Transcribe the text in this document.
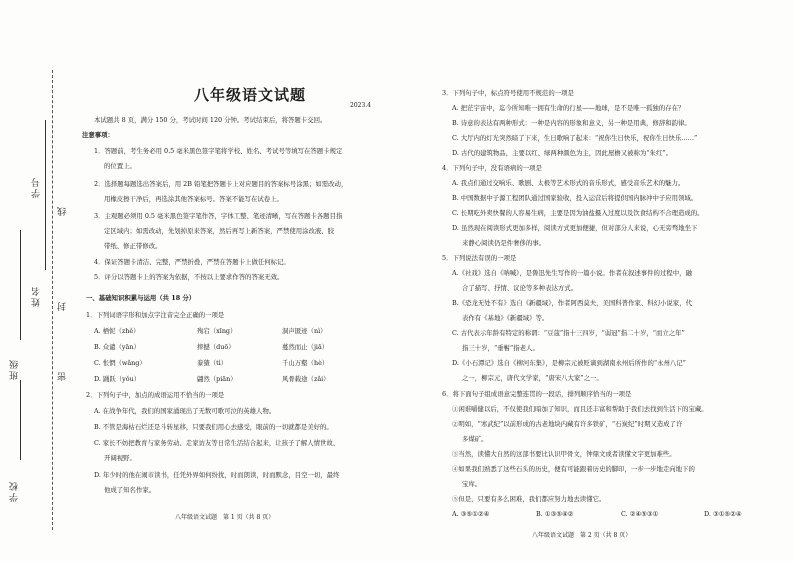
学校
班级
姓名
学号
密
封
线
八年级语文试题
2023.4
本试题共 8 页，满分 150 分，考试时间 120 分钟。考试结束后，将答题卡交回。
注意事项：
1．答题前，考生务必用 0.5 毫米黑色签字笔将学校、姓名、考试号等填写在答题卡规定
的位置上。
2．选择题每题选出答案后，用 2B 铅笔把答题卡上对应题目的答案标号涂黑；如需改动，
用橡皮擦干净后，再选涂其他答案标号。答案不能写在试卷上。
3．主观题必须用 0.5 毫米黑色签字笔作答，字体工整、笔迹清晰，写在答题卡各题目指
定区域内；如需改动，先划掉原来答案，然后再写上新答案，严禁使用涂改液、胶
带纸、修正带修改。
4．保证答题卡清洁、完整，严禁折叠，严禁在答题卡上做任何标记。
5．评分以答题卡上的答案为依据，不按以上要求作答的答案无效。
一、基础知识积累与运用（共 18 分）
1．下列词语字形和加点字注音完全正确的一项是
A. 栖怩（zhě）	殉宕（xīng）	洞声匿迹（nì）
B. 众谴（yān）	摔撼（duō）	蔓然而止（jiā）
C. 怅惘（wǎng）	豢猹（tì）	千山万壑（hè）
D. 踊跃（yǒu）	翩然（piān）	风骨载途（zǎi）
2．下列句子中，加点的成语运用不恰当的一项是
A. 在战争年代，我们的国家涌现出了无数可歌可泣的英雄人物。
B. 不管是海枯石烂还是斗转星移，只要我们用心去感受，眼前的一切就都是美好的。
C. 家长不妨把教育与家务劳动、走家访友等日常生活结合起来，让孩子了解人情世故、
开阔视野。
D. 年少时的他在闹市读书，任凭外界如何纷扰，时而朗读，时而默念，目空一切，最终
他成了知名作家。
八年级语文试题　第 1 页（共 8 页）
3．下列句子中，标点符号使用不规范的一项是
A. 把茫宇宙中，迄今所知唯一拥有生命的行星——地球，是不是唯一孤独的存在？
B. 诗意的表达有两种形式：一种是内容的形象和意义，另一种是用典，修辞和韵律。
C. 大厅内的灯光突然暗了下来，生日歌响了起来：“祝你生日快乐，祝你生日快乐……”
D. 古代的建筑物品，主要以红、绿两种颜色为主，因此屋檐又被称为“朱红”。
4．下列句子中，没有语病的一项是
A. 我点们通过交响乐、歌剧、太极等艺术形式的音乐形式，感受音乐艺术的魅力。
B. 中国数据中子源工程团队通过国家验收，投入运营后将提供国内脉冲中子应用领域。
C. 长期吃外卖快餐的人容易生病，主要是因为油盐摄入过度以及饮食结构不合理造成的。
D. 虽然现在阅读形式更加多样，阅读方式更加便捷，但对部分人来说，心无旁骛地坐下
来静心阅读仍是件奢侈的事。
5．下列说法有误的一项是
A.《社戏》选自《呐喊》，是鲁迅先生写作的一篇小说。作者在叙述事件的过程中，融
合了描写、抒情、议论等多种表达方式。
B.《恐龙无处不有》选自《新疆域》，作者阿西莫夫，美国科普作家、科幻小说家，代
表作有《基地》《新疆域》等。
C. 古代表示年龄有特定的称谓：“豆蔻”指十三四岁，“弱冠”指二十岁，“而立之年”
指三十岁，“垂髫”指老人。
D.《小石潭记》选自《柳河东集》，是柳宗元被贬谪到湖南永州后所作的“永州八记”
之一，柳宗元，唐代文学家，“唐宋八大家”之一。
6．将下面句子组成语意完整连贯的一段话，排列顺序恰当的一项是
①闲谁嚼健以后，不仅使我们暗加了知识，而且还丰富和帮助于我们去找到生活下的宝藏。
②明如，“寒武纪”以前形成的古老地块内藏有许多铁矿，“石炭纪”时期又造成了许
多煤矿。
③当然，读懂大自然的这部书要比认识甲骨文，钟鼎文或者读懂文字更加难些。
④如果我们熟悉了这些石头的历史，便有可能跟着历史的脚印，一步一步地走向地下的
宝库。
⑤但是，只要有多么困难，我们都应努力地去读懂它。
A. ③⑤①②④	B. ①③⑤④②	C. ②④⑤③①	D. ③①⑤②④
八年级语文试题　第 2 页（共 8 页）
